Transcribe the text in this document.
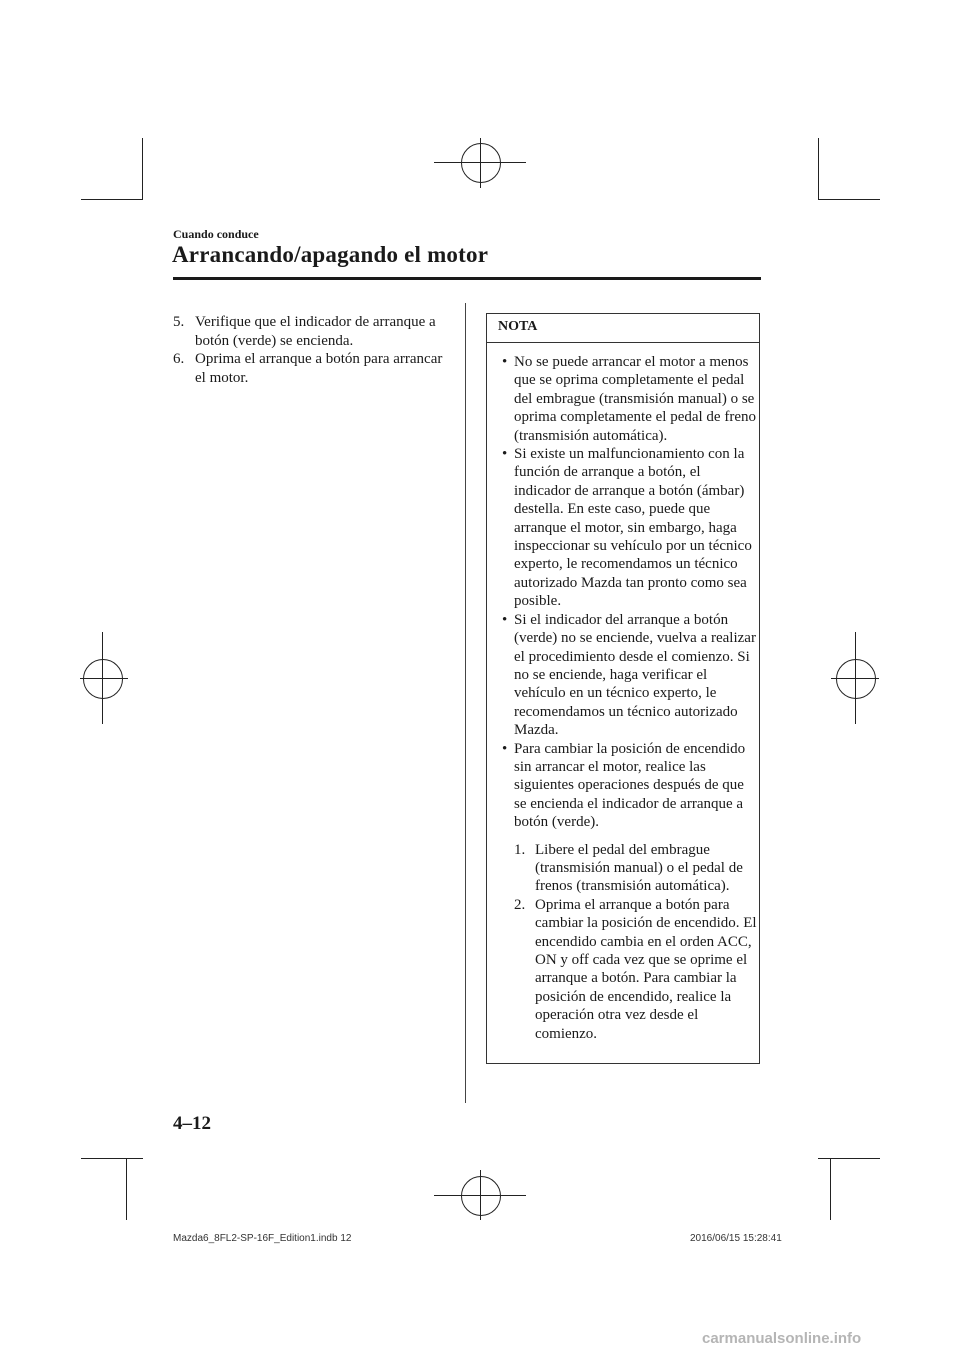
Cuando conduce
Arrancando/apagando el motor

5. Verifique que el indicador de arranque a botón (verde) se encienda.

6. Oprima el arranque a botón para arrancar el motor.

NOTA

• No se puede arrancar el motor a menos que se oprima completamente el pedal del embrague (transmisión manual) o se oprima completamente el pedal de freno (transmisión automática).

• Si existe un malfuncionamiento con la función de arranque a botón, el indicador de arranque a botón (ámbar) destella. En este caso, puede que arranque el motor, sin embargo, haga inspeccionar su vehículo por un técnico experto, le recomendamos un técnico autorizado Mazda tan pronto como sea posible.

• Si el indicador del arranque a botón (verde) no se enciende, vuelva a realizar el procedimiento desde el comienzo. Si no se enciende, haga verificar el vehículo en un técnico experto, le recomendamos un técnico autorizado Mazda.

• Para cambiar la posición de encendido sin arrancar el motor, realice las siguientes operaciones después de que se encienda el indicador de arranque a botón (verde).

1. Libere el pedal del embrague (transmisión manual) o el pedal de frenos (transmisión automática).

2. Oprima el arranque a botón para cambiar la posición de encendido. El encendido cambia en el orden ACC, ON y off cada vez que se oprime el arranque a botón. Para cambiar la posición de encendido, realice la operación otra vez desde el comienzo.

4–12
Mazda6_8FL2-SP-16F_Edition1.indb 12	2016/06/15 15:28:41
carmanualsonline.info
